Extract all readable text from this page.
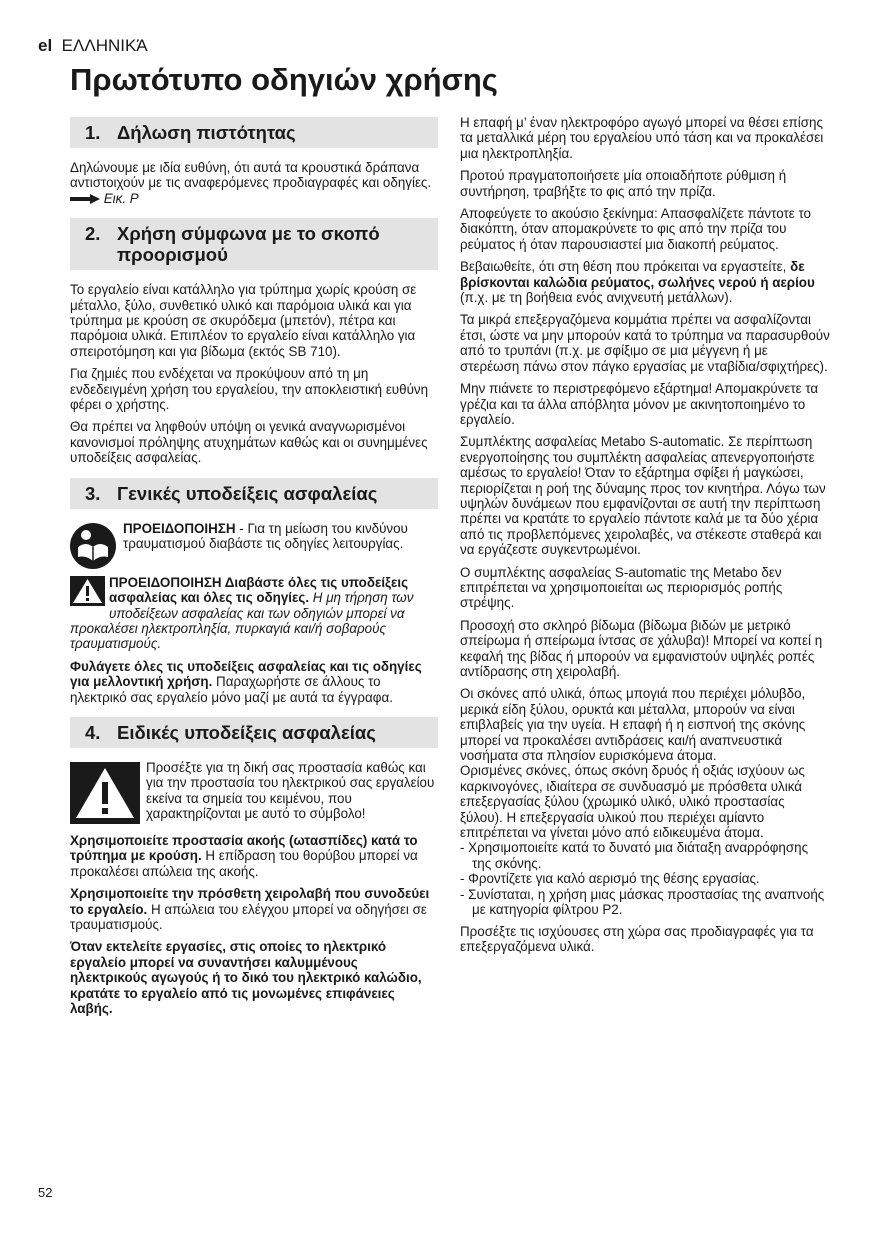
el ΕΛΛΗΝΙΚΆ
Πρωτότυπο οδηγιών χρήσης
1. Δήλωση πιστότητας

Δηλώνουμε με ιδία ευθύνη, ότι αυτά τα κρουστικά δράπανα αντιστοιχούν με τις αναφερόμενες προδιαγραφές και οδηγίες.  Εικ. P

2. Χρήση σύμφωνα με το σκοπό προορισμού

Το εργαλείο είναι κατάλληλο για τρύπημα χωρίς κρούση σε μέταλλο, ξύλο, συνθετικό υλικό και παρόμοια υλικά και για τρύπημα με κρούση σε σκυρόδεμα (μπετόν), πέτρα και παρόμοια υλικά. Επιπλέον το εργαλείο είναι κατάλληλο για σπειροτόμηση και για βίδωμα (εκτός SB 710).

Για ζημιές που ενδέχεται να προκύψουν από τη μη ενδεδειγμένη χρήση του εργαλείου, την αποκλειστική ευθύνη φέρει ο χρήστης.

Θα πρέπει να ληφθούν υπόψη οι γενικά αναγνωρισμένοι κανονισμοί πρόληψης ατυχημάτων καθώς και οι συνημμένες υποδείξεις ασφαλείας.

3. Γενικές υποδείξεις ασφαλείας
ΠΡΟΕΙΔΟΠΟΙΗΣΗ - Για τη μείωση του κινδύνου τραυματισμού διαβάστε τις οδηγίες λειτουργίας.

ΠΡΟΕΙΔΟΠΟΙΗΣΗ Διαβάστε όλες τις υποδείξεις ασφαλείας και όλες τις οδηγίες. Η μη τήρηση των υποδείξεων ασφαλείας και των οδηγιών μπορεί να προκαλέσει ηλεκτροπληξία, πυρκαγιά και/ή σοβαρούς τραυματισμούς.

Φυλάγετε όλες τις υποδείξεις ασφαλείας και τις οδηγίες για μελλοντική χρήση. Παραχωρήστε σε άλλους το ηλεκτρικό σας εργαλείο μόνο μαζί με αυτά τα έγγραφα.

4. Ειδικές υποδείξεις ασφαλείας

Προσέξτε για τη δική σας προστασία καθώς και για την προστασία του ηλεκτρικού σας εργαλείου εκείνα τα σημεία του κειμένου, που χαρακτηρίζονται με αυτό το σύμβολο!

Χρησιμοποιείτε προστασία ακοής (ωτασπίδες) κατά το τρύπημα με κρούση. Η επίδραση του θορύβου μπορεί να προκαλέσει απώλεια της ακοής.

Χρησιμοποιείτε την πρόσθετη χειρολαβή που συνοδεύει το εργαλείο. Η απώλεια του ελέγχου μπορεί να οδηγήσει σε τραυματισμούς.

Όταν εκτελείτε εργασίες, στις οποίες το ηλεκτρικό εργαλείο μπορεί να συναντήσει καλυμμένους ηλεκτρικούς αγωγούς ή το δικό του ηλεκτρικό καλώδιο, κρατάτε το εργαλείο από τις μονωμένες επιφάνειες λαβής.

Η επαφή μ’ έναν ηλεκτροφόρο αγωγό μπορεί να θέσει επίσης τα μεταλλικά μέρη του εργαλείου υπό τάση και να προκαλέσει μια ηλεκτροπληξία.

Προτού πραγματοποιήσετε μία οποιαδήποτε ρύθμιση ή συντήρηση, τραβήξτε το φις από την πρίζα.

Αποφεύγετε το ακούσιο ξεκίνημα: Απασφαλίζετε πάντοτε το διακόπτη, όταν απομακρύνετε το φις από την πρίζα του ρεύματος ή όταν παρουσιαστεί μια διακοπή ρεύματος.

Βεβαιωθείτε, ότι στη θέση που πρόκειται να εργαστείτε, δε βρίσκονται καλώδια ρεύματος, σωλήνες νερού ή αερίου (π.χ. με τη βοήθεια ενός ανιχνευτή μετάλλων).

Τα μικρά επεξεργαζόμενα κομμάτια πρέπει να ασφαλίζονται έτσι, ώστε να μην μπορούν κατά το τρύπημα να παρασυρθούν από το τρυπάνι (π.χ. με σφίξιμο σε μια μέγγενη ή με στερέωση πάνω στον πάγκο εργασίας με νταβίδια/σφιχτήρες).

Μην πιάνετε το περιστρεφόμενο εξάρτημα! Απομακρύνετε τα γρέζια και τα άλλα απόβλητα μόνον με ακινητοποιημένο το εργαλείο.

Συμπλέκτης ασφαλείας Metabo S-automatic. Σε περίπτωση ενεργοποίησης του συμπλέκτη ασφαλείας απενεργοποιήστε αμέσως το εργαλείο! Όταν το εξάρτημα σφίξει ή μαγκώσει, περιορίζεται η ροή της δύναμης προς τον κινητήρα. Λόγω των υψηλών δυνάμεων που εμφανίζονται σε αυτή την περίπτωση πρέπει να κρατάτε το εργαλείο πάντοτε καλά με τα δύο χέρια από τις προβλεπόμενες χειρολαβές, να στέκεστε σταθερά και να εργάζεστε συγκεντρωμένοι.

Ο συμπλέκτης ασφαλείας S-automatic της Metabo δεν επιτρέπεται να χρησιμοποιείται ως περιορισμός ροπής στρέψης.

Προσοχή στο σκληρό βίδωμα (βίδωμα βιδών με μετρικό σπείρωμα ή σπείρωμα ίντσας σε χάλυβα)! Μπορεί να κοπεί η κεφαλή της βίδας ή μπορούν να εμφανιστούν υψηλές ροπές αντίδρασης στη χειρολαβή.

Οι σκόνες από υλικά, όπως μπογιά που περιέχει μόλυβδο, μερικά είδη ξύλου, ορυκτά και μέταλλα, μπορούν να είναι επιβλαβείς για την υγεία. Η επαφή ή η εισπνοή της σκόνης μπορεί να προκαλέσει αντιδράσεις και/ή αναπνευστικά νοσήματα στα πλησίον ευρισκόμενα άτομα.

Ορισμένες σκόνες, όπως σκόνη δρυός ή οξιάς ισχύουν ως καρκινογόνες, ιδιαίτερα σε συνδυασμό με πρόσθετα υλικά επεξεργασίας ξύλου (χρωμικό υλικό, υλικό προστασίας ξύλου). Η επεξεργασία υλικού που περιέχει αμίαντο επιτρέπεται να γίνεται μόνο από ειδικευμένα άτομα.

- Χρησιμοποιείτε κατά το δυνατό μια διάταξη αναρρόφησης της σκόνης.
- Φροντίζετε για καλό αερισμό της θέσης εργασίας.
- Συνίσταται, η χρήση μιας μάσκας προστασίας της αναπνοής με κατηγορία φίλτρου P2.

Προσέξτε τις ισχύουσες στη χώρα σας προδιαγραφές για τα επεξεργαζόμενα υλικά.

52
